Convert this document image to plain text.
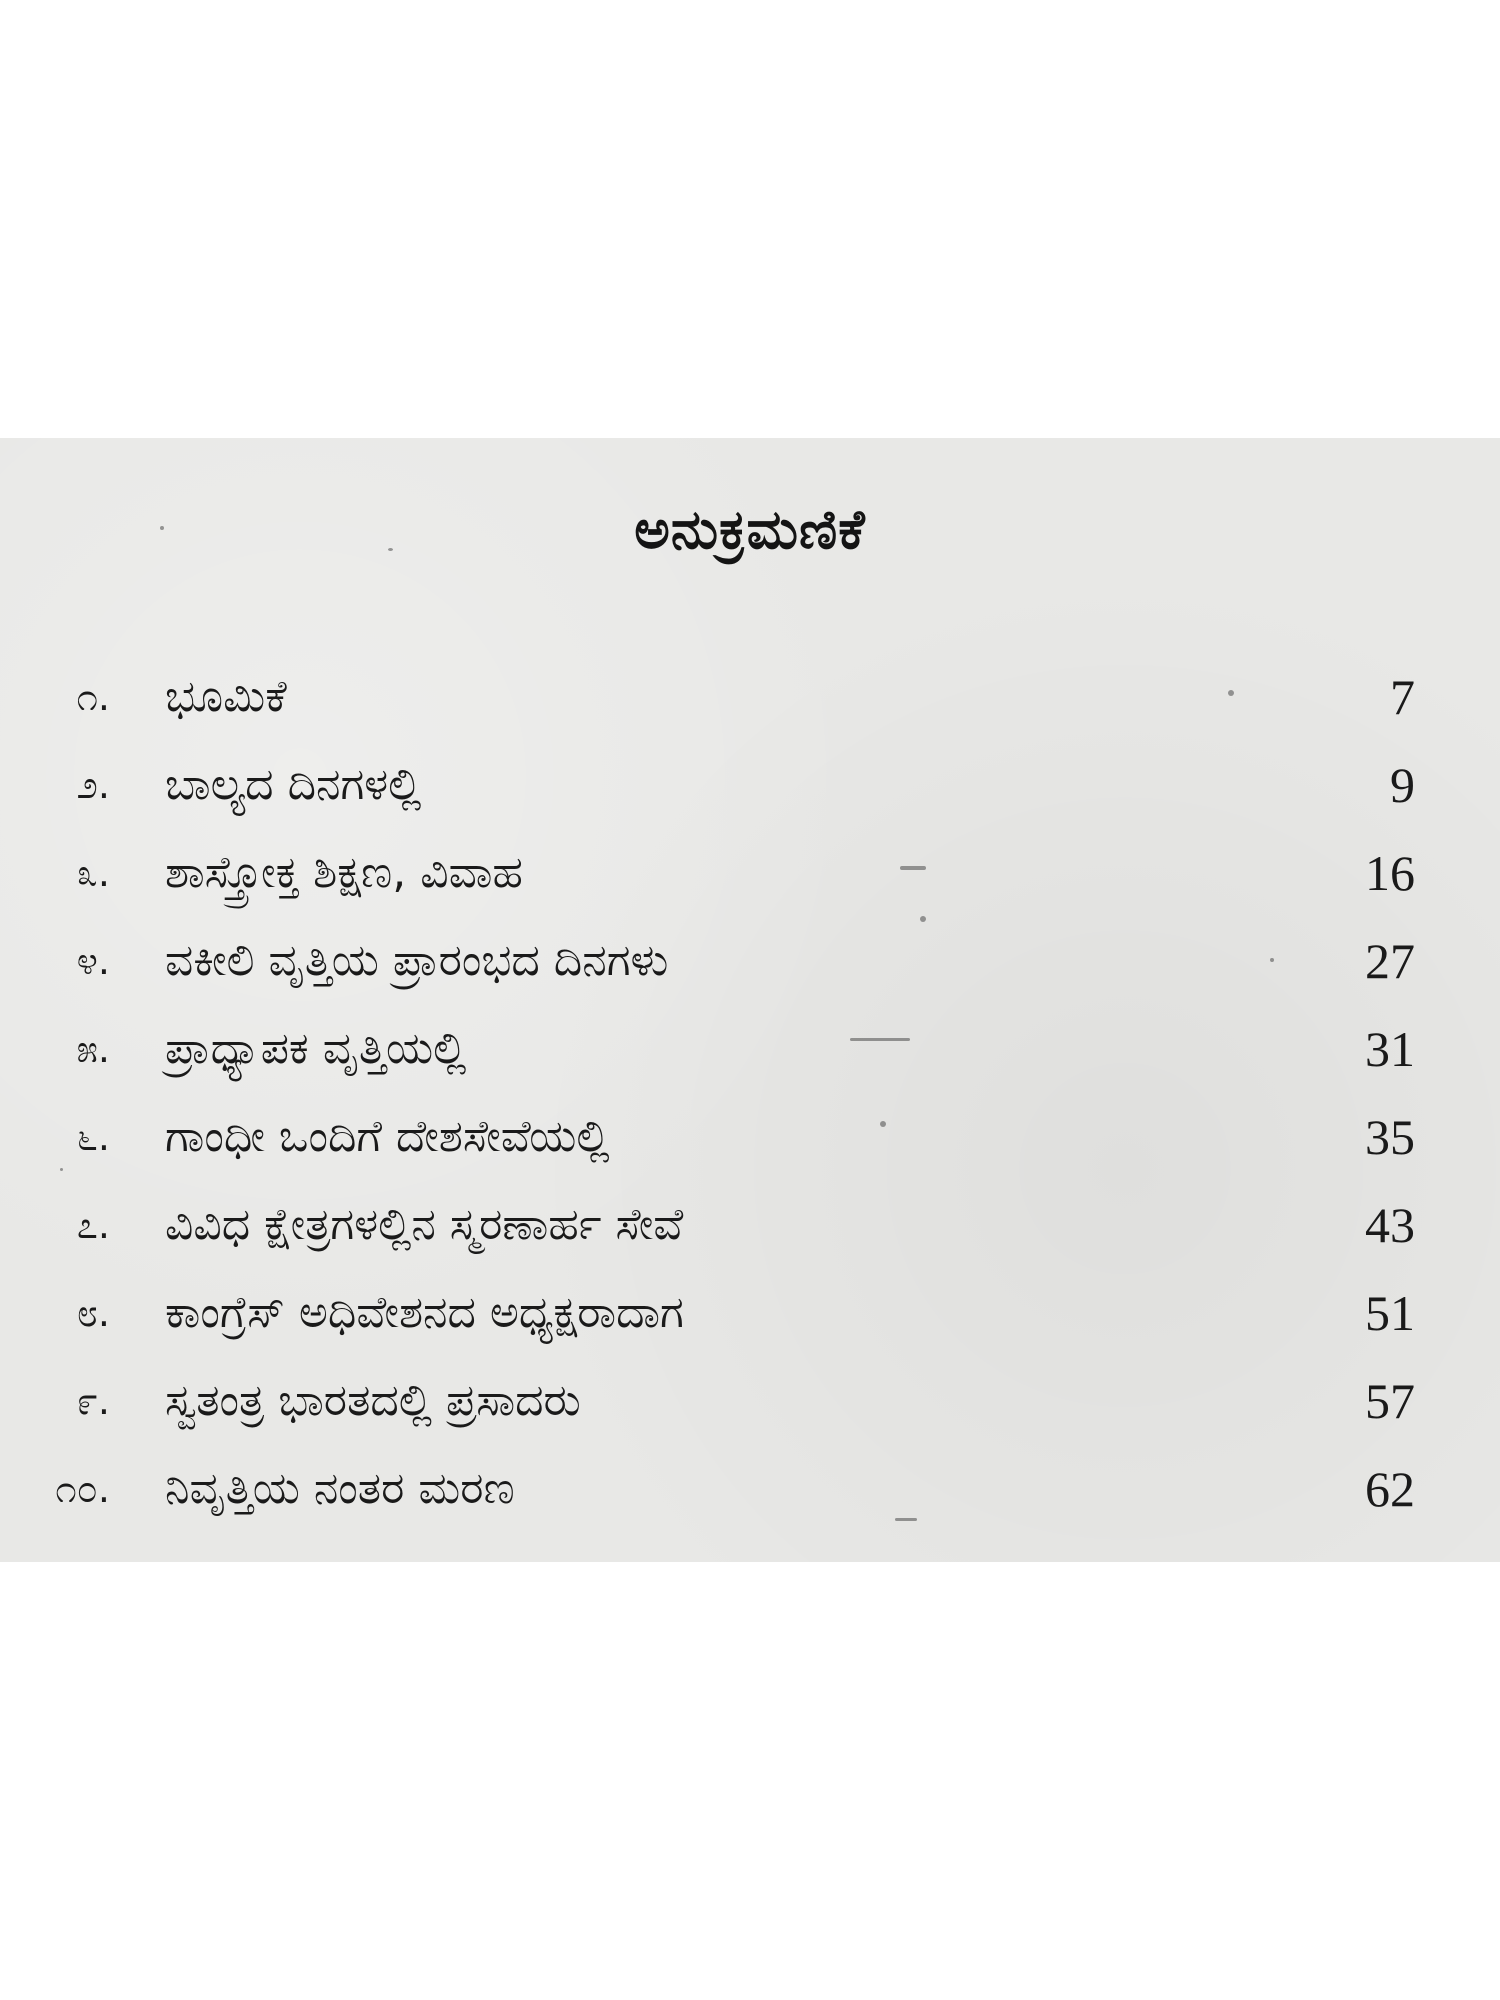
ಅನುಕ್ರಮಣಿಕೆ
೧. ಭೂಮಿಕೆ	7
೨. ಬಾಲ್ಯದ ದಿನಗಳಲ್ಲಿ	9
೩. ಶಾಸ್ತ್ರೋಕ್ತ ಶಿಕ್ಷಣ, ವಿವಾಹ	16
೪. ವಕೀಲಿ ವೃತ್ತಿಯ ಪ್ರಾರಂಭದ ದಿನಗಳು	27
೫. ಪ್ರಾಧ್ಯಾಪಕ ವೃತ್ತಿಯಲ್ಲಿ	31
೬. ಗಾಂಧೀ ಒಂದಿಗೆ ದೇಶಸೇವೆಯಲ್ಲಿ	35
೭. ವಿವಿಧ ಕ್ಷೇತ್ರಗಳಲ್ಲಿನ ಸ್ಮರಣಾರ್ಹ ಸೇವೆ	43
೮. ಕಾಂಗ್ರೆಸ್ ಅಧಿವೇಶನದ ಅಧ್ಯಕ್ಷರಾದಾಗ	51
೯. ಸ್ವತಂತ್ರ ಭಾರತದಲ್ಲಿ ಪ್ರಸಾದರು	57
೧೦. ನಿವೃತ್ತಿಯ ನಂತರ ಮರಣ	62
